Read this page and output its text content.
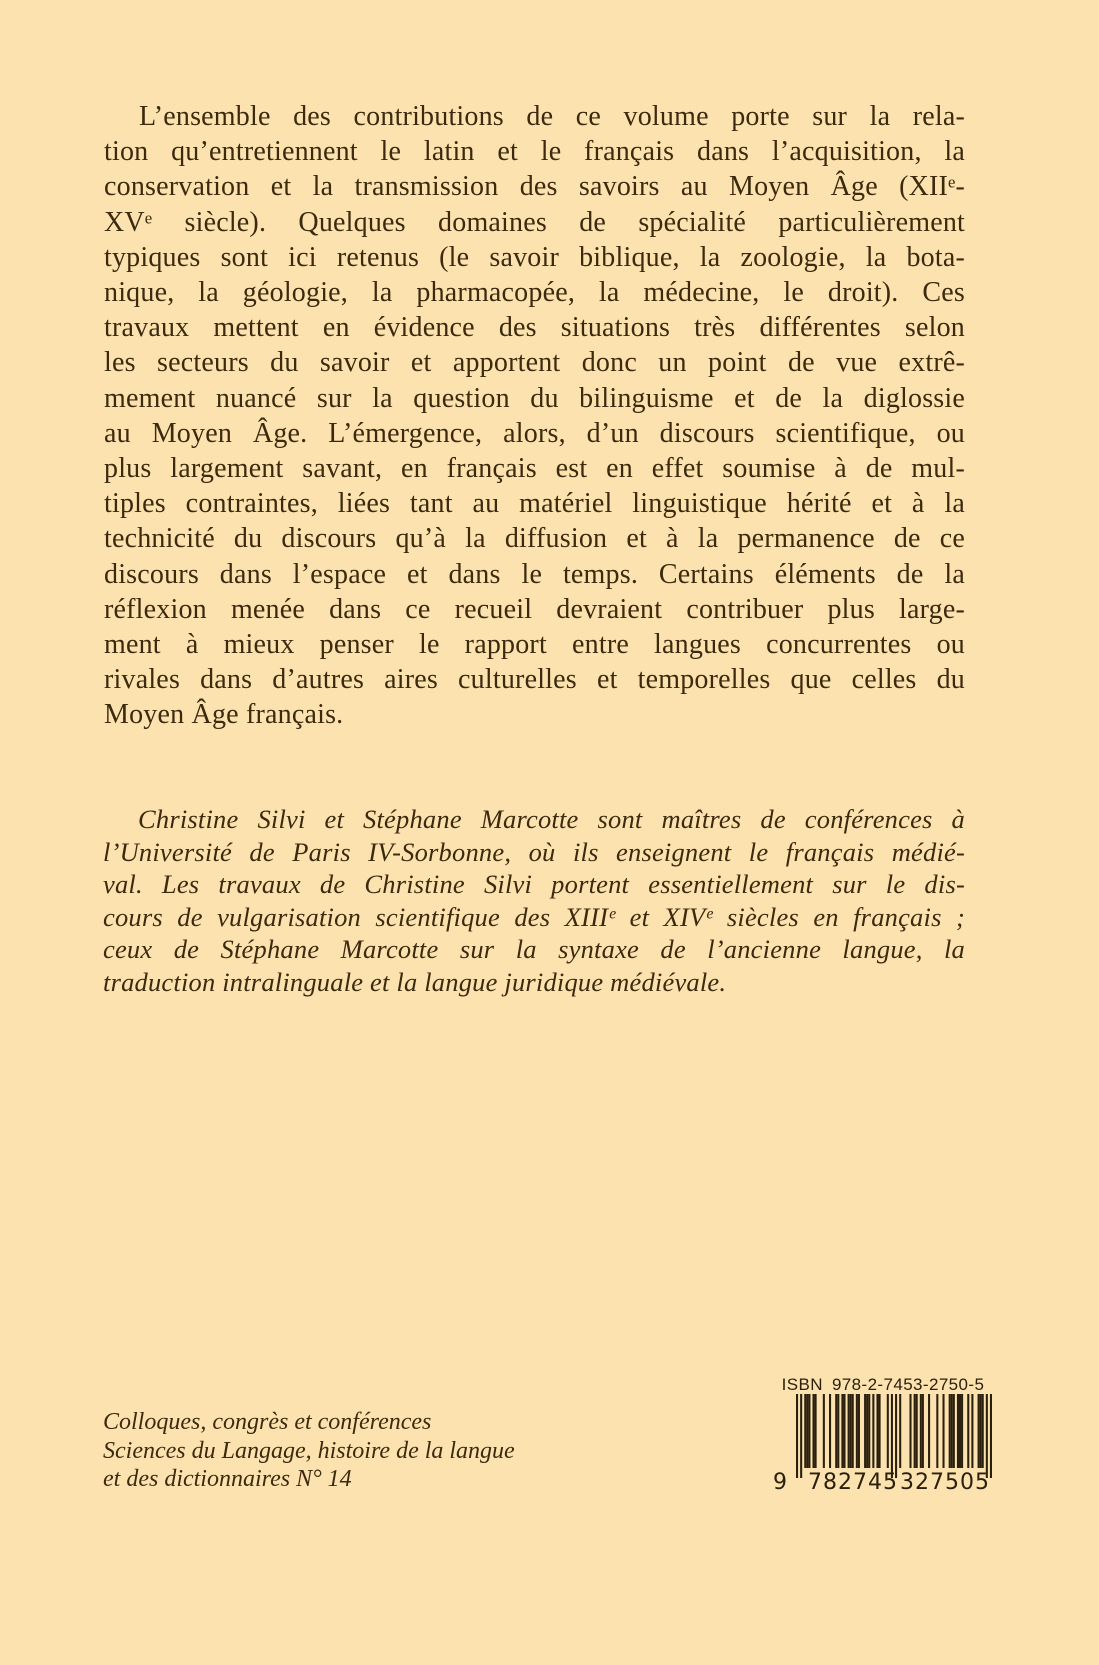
L’ensemble des contributions de ce volume porte sur la rela-
tion qu’entretiennent le latin et le français dans l’acquisition, la
conservation et la transmission des savoirs au Moyen Âge (XIIᵉ-
XVᵉ siècle). Quelques domaines de spécialité particulièrement
typiques sont ici retenus (le savoir biblique, la zoologie, la bota-
nique, la géologie, la pharmacopée, la médecine, le droit). Ces
travaux mettent en évidence des situations très différentes selon
les secteurs du savoir et apportent donc un point de vue extrê-
mement nuancé sur la question du bilinguisme et de la diglossie
au Moyen Âge. L’émergence, alors, d’un discours scientifique, ou
plus largement savant, en français est en effet soumise à de mul-
tiples contraintes, liées tant au matériel linguistique hérité et à la
technicité du discours qu’à la diffusion et à la permanence de ce
discours dans l’espace et dans le temps. Certains éléments de la
réflexion menée dans ce recueil devraient contribuer plus large-
ment à mieux penser le rapport entre langues concurrentes ou
rivales dans d’autres aires culturelles et temporelles que celles du
Moyen Âge français.
Christine Silvi et Stéphane Marcotte sont maîtres de conférences à
l’Université de Paris IV-Sorbonne, où ils enseignent le français médié-
val. Les travaux de Christine Silvi portent essentiellement sur le dis-
cours de vulgarisation scientifique des XIIIᵉ et XIVᵉ siècles en français ;
ceux de Stéphane Marcotte sur la syntaxe de l’ancienne langue, la
traduction intralinguale et la langue juridique médiévale.
Colloques, congrès et conférences
Sciences du Langage, histoire de la langue
et des dictionnaires N° 14
ISBN 978-2-7453-2750-5
9 782745 327505
